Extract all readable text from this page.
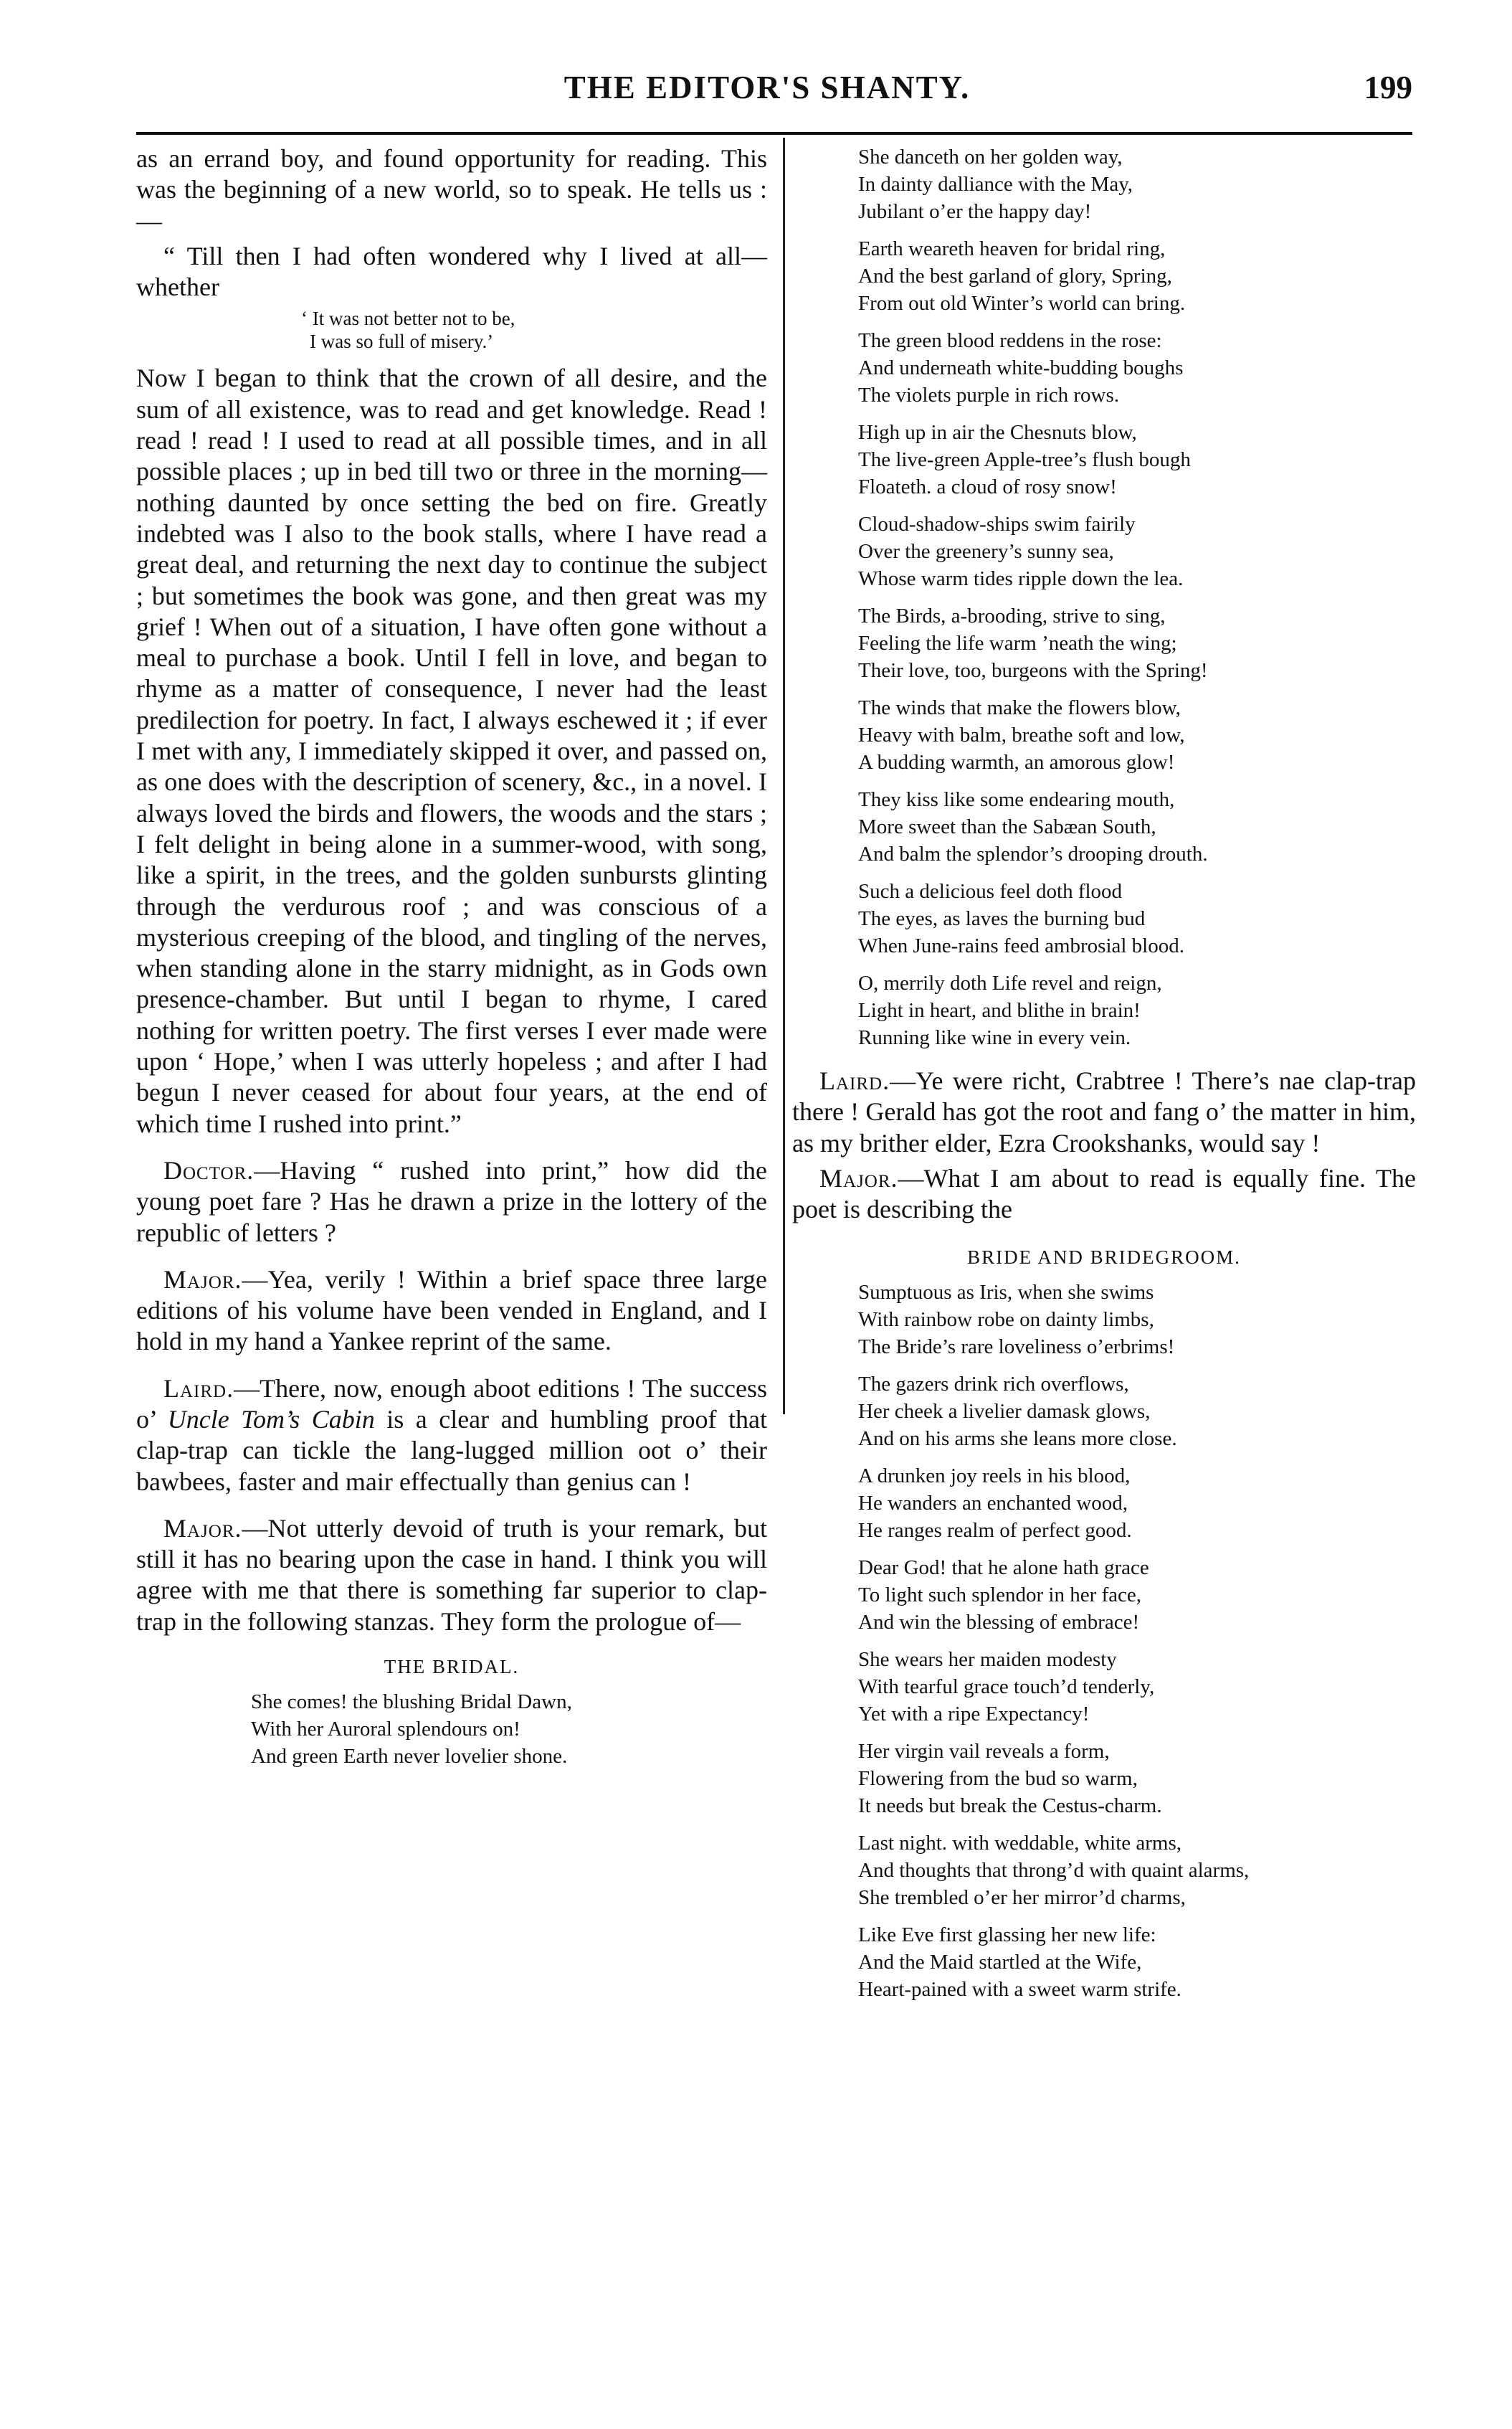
THE EDITOR'S SHANTY.	199

as an errand boy, and found opportunity for reading. This was the beginning of a new world, so to speak. He tells us :—

“ Till then I had often wondered why I lived at all—whether

‘ It was not better not to be,
I was so full of misery.’

Now I began to think that the crown of all desire, and the sum of all existence, was to read and get knowledge. Read ! read ! read ! I used to read at all possible times, and in all possible places ; up in bed till two or three in the morning—nothing daunted by once setting the bed on fire. Greatly indebted was I also to the book stalls, where I have read a great deal, and returning the next day to continue the subject ; but sometimes the book was gone, and then great was my grief ! When out of a situation, I have often gone without a meal to purchase a book. Until I fell in love, and began to rhyme as a matter of consequence, I never had the least predilection for poetry. In fact, I always eschewed it ; if ever I met with any, I immediately skipped it over, and passed on, as one does with the description of scenery, &c., in a novel. I always loved the birds and flowers, the woods and the stars ; I felt delight in being alone in a summer-wood, with song, like a spirit, in the trees, and the golden sunbursts glinting through the verdurous roof ; and was conscious of a mysterious creeping of the blood, and tingling of the nerves, when standing alone in the starry midnight, as in Gods own presence-chamber. But until I began to rhyme, I cared nothing for written poetry. The first verses I ever made were upon ‘ Hope,’ when I was utterly hopeless ; and after I had begun I never ceased for about four years, at the end of which time I rushed into print.”

Doctor.—Having “ rushed into print,” how did the young poet fare ? Has he drawn a prize in the lottery of the republic of letters ?

Major.—Yea, verily ! Within a brief space three large editions of his volume have been vended in England, and I hold in my hand a Yankee reprint of the same.

Laird.—There, now, enough aboot editions ! The success o’ Uncle Tom’s Cabin is a clear and humbling proof that clap-trap can tickle the lang-lugged million oot o’ their bawbees, faster and mair effectually than genius can !

Major.—Not utterly devoid of truth is your remark, but still it has no bearing upon the case in hand. I think you will agree with me that there is something far superior to clap-trap in the following stanzas. They form the prologue of—

THE BRIDAL.
She comes! the blushing Bridal Dawn,
With her Auroral splendours on!
And green Earth never lovelier shone.
She danceth on her golden way,
In dainty dalliance with the May,
Jubilant o’er the happy day!
Earth weareth heaven for bridal ring,
And the best garland of glory, Spring,
From out old Winter’s world can bring.
The green blood reddens in the rose:
And underneath white-budding boughs
The violets purple in rich rows.
High up in air the Chesnuts blow,
The live-green Apple-tree’s flush bough
Floateth. a cloud of rosy snow!
Cloud-shadow-ships swim fairily
Over the greenery’s sunny sea,
Whose warm tides ripple down the lea.
The Birds, a-brooding, strive to sing,
Feeling the life warm ’neath the wing;
Their love, too, burgeons with the Spring!
The winds that make the flowers blow,
Heavy with balm, breathe soft and low,
A budding warmth, an amorous glow!
They kiss like some endearing mouth,
More sweet than the Sabæan South,
And balm the splendor’s drooping drouth.
Such a delicious feel doth flood
The eyes, as laves the burning bud
When June-rains feed ambrosial blood.
O, merrily doth Life revel and reign,
Light in heart, and blithe in brain!
Running like wine in every vein.

Laird.—Ye were richt, Crabtree ! There’s nae clap-trap there ! Gerald has got the root and fang o’ the matter in him, as my brither elder, Ezra Crookshanks, would say !

Major.—What I am about to read is equally fine. The poet is describing the

BRIDE AND BRIDEGROOM.
Sumptuous as Iris, when she swims
With rainbow robe on dainty limbs,
The Bride’s rare loveliness o’erbrims!
The gazers drink rich overflows,
Her cheek a livelier damask glows,
And on his arms she leans more close.
A drunken joy reels in his blood,
He wanders an enchanted wood,
He ranges realm of perfect good.
Dear God! that he alone hath grace
To light such splendor in her face,
And win the blessing of embrace!
She wears her maiden modesty
With tearful grace touch’d tenderly,
Yet with a ripe Expectancy!
Her virgin vail reveals a form,
Flowering from the bud so warm,
It needs but break the Cestus-charm.
Last night. with weddable, white arms,
And thoughts that throng’d with quaint alarms,
She trembled o’er her mirror’d charms,
Like Eve first glassing her new life:
And the Maid startled at the Wife,
Heart-pained with a sweet warm strife.
